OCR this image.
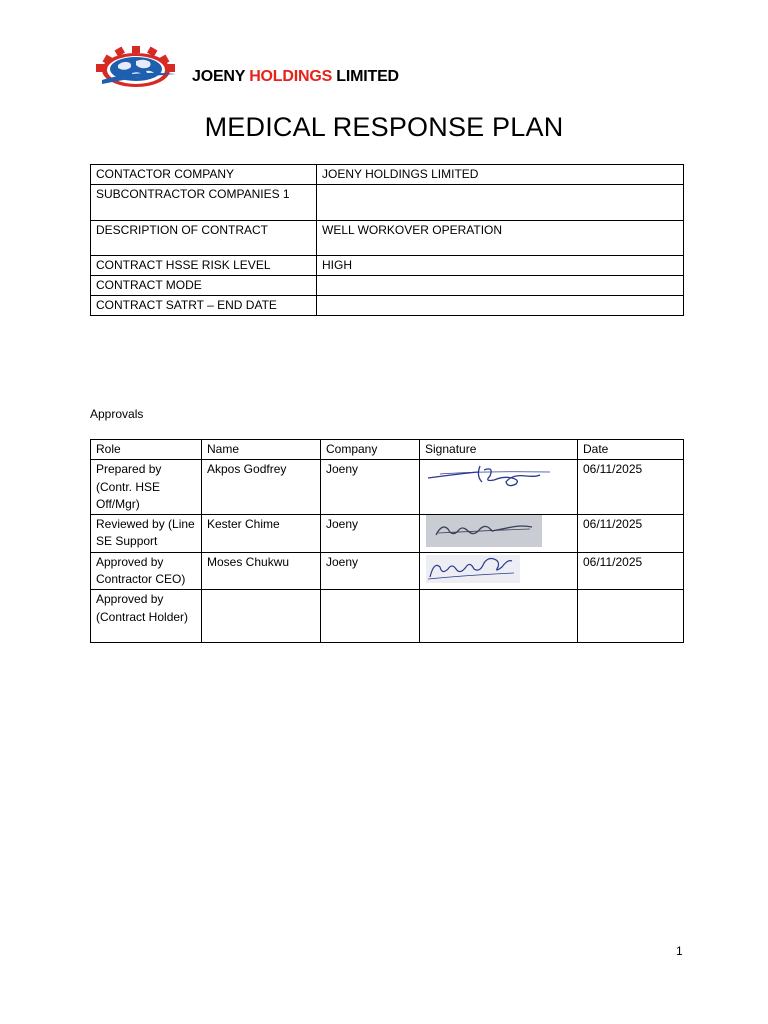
JOENY HOLDINGS LIMITED
MEDICAL RESPONSE PLAN
CONTACTOR COMPANY	JOENY HOLDINGS LIMITED
SUBCONTRACTOR COMPANIES 1	
DESCRIPTION OF CONTRACT	WELL WORKOVER OPERATION
CONTRACT HSSE RISK LEVEL	HIGH
CONTRACT MODE	
CONTRACT SATRT – END DATE	
Approvals
Role	Name	Company	Signature	Date
Prepared by (Contr. HSE Off/Mgr)	Akpos Godfrey	Joeny		06/11/2025
Reviewed by (Line SE Support	Kester Chime	Joeny		06/11/2025
Approved by Contractor CEO)	Moses Chukwu	Joeny		06/11/2025
Approved by (Contract Holder)				
1
